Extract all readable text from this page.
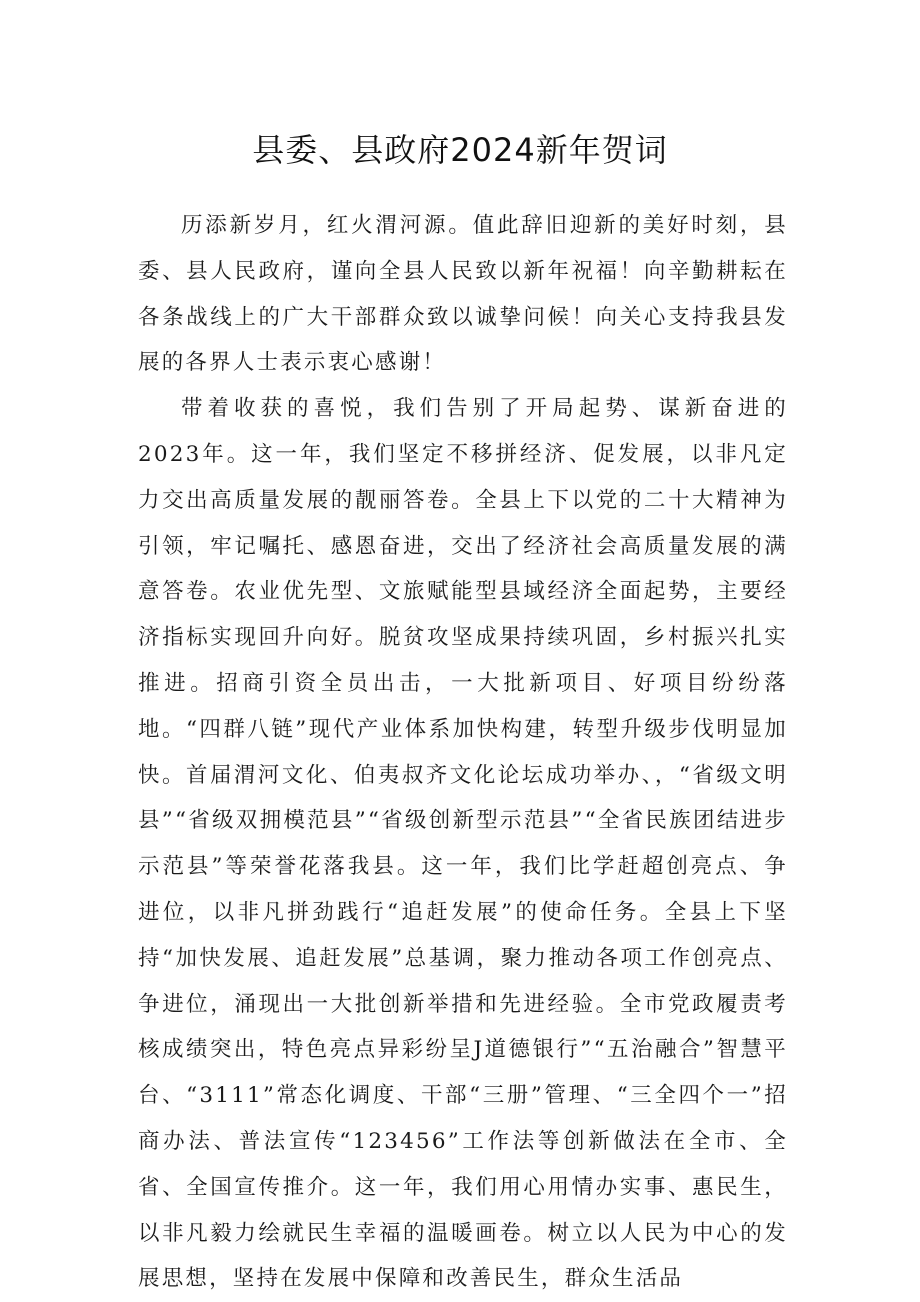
县委、县政府2024新年贺词

历添新岁月，红火渭河源。值此辞旧迎新的美好时刻，县委、县人民政府，谨向全县人民致以新年祝福！向辛勤耕耘在各条战线上的广大干部群众致以诚挚问候！向关心支持我县发展的各界人士表示衷心感谢！

带着收获的喜悦，我们告别了开局起势、谋新奋进的2023年。这一年，我们坚定不移拼经济、促发展，以非凡定力交出高质量发展的靓丽答卷。全县上下以党的二十大精神为引领，牢记嘱托、感恩奋进，交出了经济社会高质量发展的满意答卷。农业优先型、文旅赋能型县域经济全面起势，主要经济指标实现回升向好。脱贫攻坚成果持续巩固，乡村振兴扎实推进。招商引资全员出击，一大批新项目、好项目纷纷落地。“四群八链”现代产业体系加快构建，转型升级步伐明显加快。首届渭河文化、伯夷叔齐文化论坛成功举办、，“省级文明县”“省级双拥模范县”“省级创新型示范县”“全省民族团结进步示范县”等荣誉花落我县。这一年，我们比学赶超创亮点、争进位，以非凡拼劲践行“追赶发展”的使命任务。全县上下坚持“加快发展、追赶发展”总基调，聚力推动各项工作创亮点、争进位，涌现出一大批创新举措和先进经验。全市党政履责考核成绩突出，特色亮点异彩纷呈J道德银行”“五治融合”智慧平台、“3111”常态化调度、干部“三册”管理、“三全四个一”招商办法、普法宣传“123456”工作法等创新做法在全市、全省、全国宣传推介。这一年，我们用心用情办实事、惠民生，以非凡毅力绘就民生幸福的温暖画卷。树立以人民为中心的发展思想，坚持在发展中保障和改善民生，群众生活品
